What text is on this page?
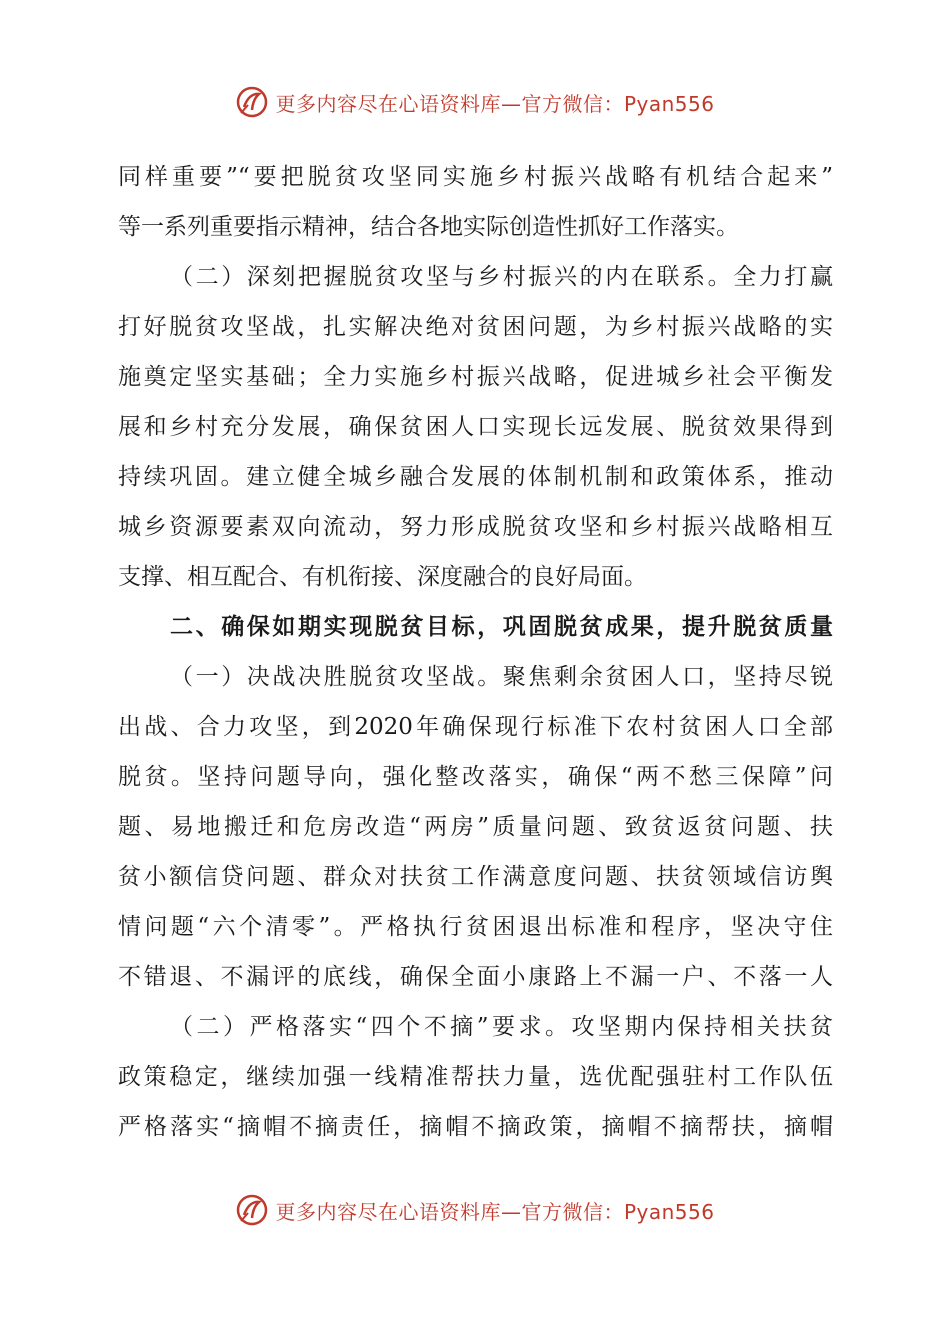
更多内容尽在心语资料库—官方微信：Pyan556
同样重要”“要把脱贫攻坚同实施乡村振兴战略有机结合起来”
等一系列重要指示精神，结合各地实际创造性抓好工作落实。
（二）深刻把握脱贫攻坚与乡村振兴的内在联系。全力打赢
打好脱贫攻坚战，扎实解决绝对贫困问题，为乡村振兴战略的实
施奠定坚实基础；全力实施乡村振兴战略，促进城乡社会平衡发
展和乡村充分发展，确保贫困人口实现长远发展、脱贫效果得到
持续巩固。建立健全城乡融合发展的体制机制和政策体系，推动
城乡资源要素双向流动，努力形成脱贫攻坚和乡村振兴战略相互
支撑、相互配合、有机衔接、深度融合的良好局面。
二、确保如期实现脱贫目标，巩固脱贫成果，提升脱贫质量
（一）决战决胜脱贫攻坚战。聚焦剩余贫困人口，坚持尽锐
出战、合力攻坚，到2020年确保现行标准下农村贫困人口全部
脱贫。坚持问题导向，强化整改落实，确保“两不愁三保障”问
题、易地搬迁和危房改造“两房”质量问题、致贫返贫问题、扶
贫小额信贷问题、群众对扶贫工作满意度问题、扶贫领域信访舆
情问题“六个清零”。严格执行贫困退出标准和程序，坚决守住
不错退、不漏评的底线，确保全面小康路上不漏一户、不落一人
（二）严格落实“四个不摘”要求。攻坚期内保持相关扶贫
政策稳定，继续加强一线精准帮扶力量，选优配强驻村工作队伍
严格落实“摘帽不摘责任，摘帽不摘政策，摘帽不摘帮扶，摘帽
更多内容尽在心语资料库—官方微信：Pyan556
